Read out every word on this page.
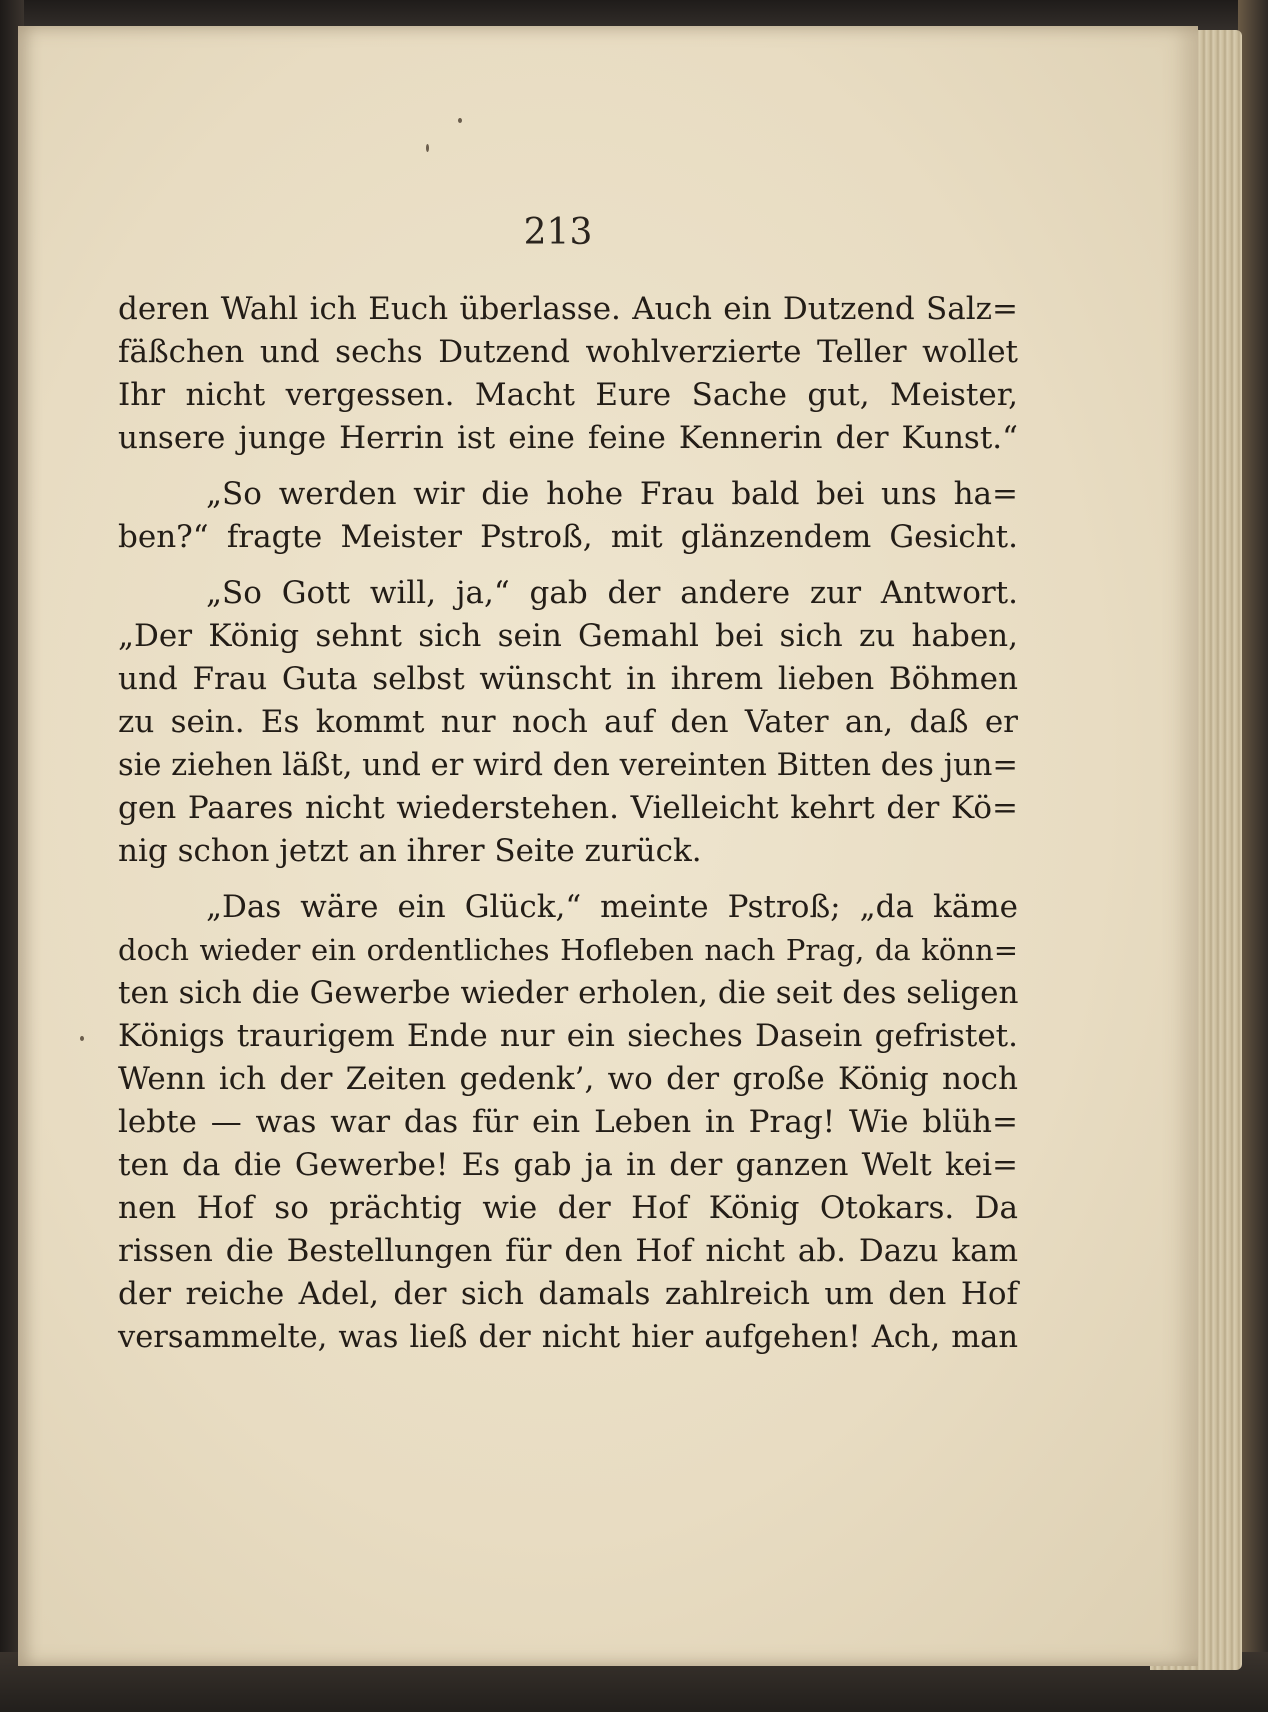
213
deren Wahl ich Euch überlasse. Auch ein Dutzend Salz=
fäßchen und sechs Dutzend wohlverzierte Teller wollet
Ihr nicht vergessen. Macht Eure Sache gut, Meister,
unsere junge Herrin ist eine feine Kennerin der Kunst.“
„So werden wir die hohe Frau bald bei uns ha=
ben?“ fragte Meister Pstroß, mit glänzendem Gesicht.
„So Gott will, ja,“ gab der andere zur Antwort.
„Der König sehnt sich sein Gemahl bei sich zu haben,
und Frau Guta selbst wünscht in ihrem lieben Böhmen
zu sein. Es kommt nur noch auf den Vater an, daß er
sie ziehen läßt, und er wird den vereinten Bitten des jun=
gen Paares nicht wiederstehen. Vielleicht kehrt der Kö=
nig schon jetzt an ihrer Seite zurück.
„Das wäre ein Glück,“ meinte Pstroß; „da käme
doch wieder ein ordentliches Hofleben nach Prag, da könn=
ten sich die Gewerbe wieder erholen, die seit des seligen
Königs traurigem Ende nur ein sieches Dasein gefristet.
Wenn ich der Zeiten gedenk’, wo der große König noch
lebte — was war das für ein Leben in Prag! Wie blüh=
ten da die Gewerbe! Es gab ja in der ganzen Welt kei=
nen Hof so prächtig wie der Hof König Otokars. Da
rissen die Bestellungen für den Hof nicht ab. Dazu kam
der reiche Adel, der sich damals zahlreich um den Hof
versammelte, was ließ der nicht hier aufgehen! Ach, man
